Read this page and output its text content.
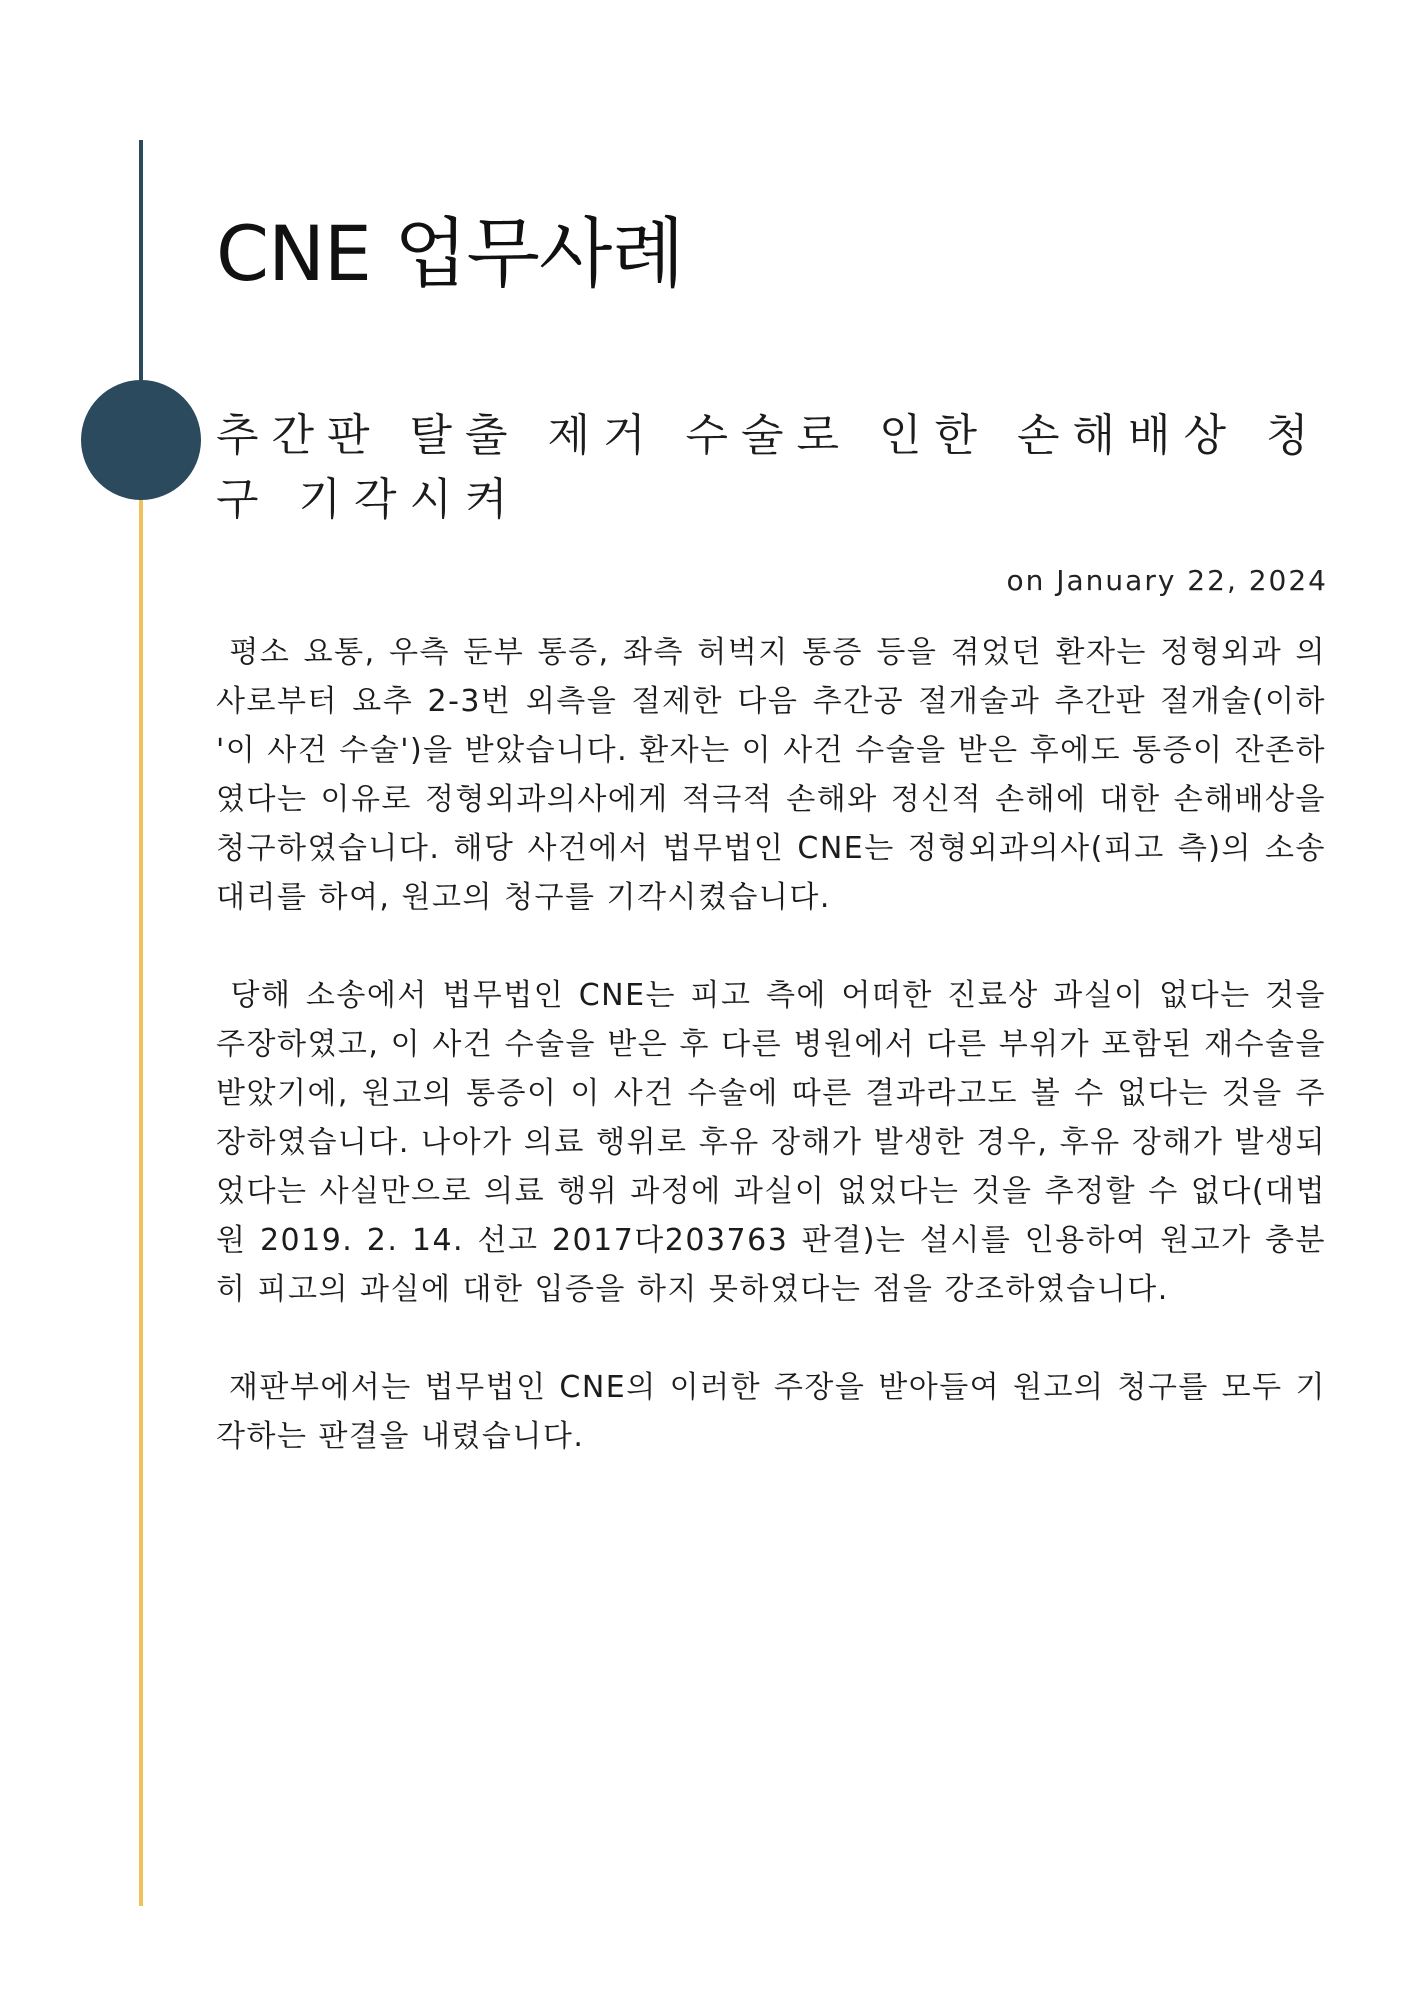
CNE 업무사례
추간판 탈출 제거 수술로 인한 손해배상 청구 기각시켜
on January 22, 2024

평소 요통, 우측 둔부 통증, 좌측 허벅지 통증 등을 겪었던 환자는 정형외과 의사로부터 요추 2-3번 외측을 절제한 다음 추간공 절개술과 추간판 절개술(이하 '이 사건 수술')을 받았습니다. 환자는 이 사건 수술을 받은 후에도 통증이 잔존하였다는 이유로 정형외과의사에게 적극적 손해와 정신적 손해에 대한 손해배상을 청구하였습니다. 해당 사건에서 법무법인 CNE는 정형외과의사(피고 측)의 소송대리를 하여, 원고의 청구를 기각시켰습니다.

당해 소송에서 법무법인 CNE는 피고 측에 어떠한 진료상 과실이 없다는 것을 주장하였고, 이 사건 수술을 받은 후 다른 병원에서 다른 부위가 포함된 재수술을 받았기에, 원고의 통증이 이 사건 수술에 따른 결과라고도 볼 수 없다는 것을 주장하였습니다. 나아가 의료 행위로 후유 장해가 발생한 경우, 후유 장해가 발생되었다는 사실만으로 의료 행위 과정에 과실이 없었다는 것을 추정할 수 없다(대법원 2019. 2. 14. 선고 2017다203763 판결)는 설시를 인용하여 원고가 충분히 피고의 과실에 대한 입증을 하지 못하였다는 점을 강조하였습니다.

재판부에서는 법무법인 CNE의 이러한 주장을 받아들여 원고의 청구를 모두 기각하는 판결을 내렸습니다.
